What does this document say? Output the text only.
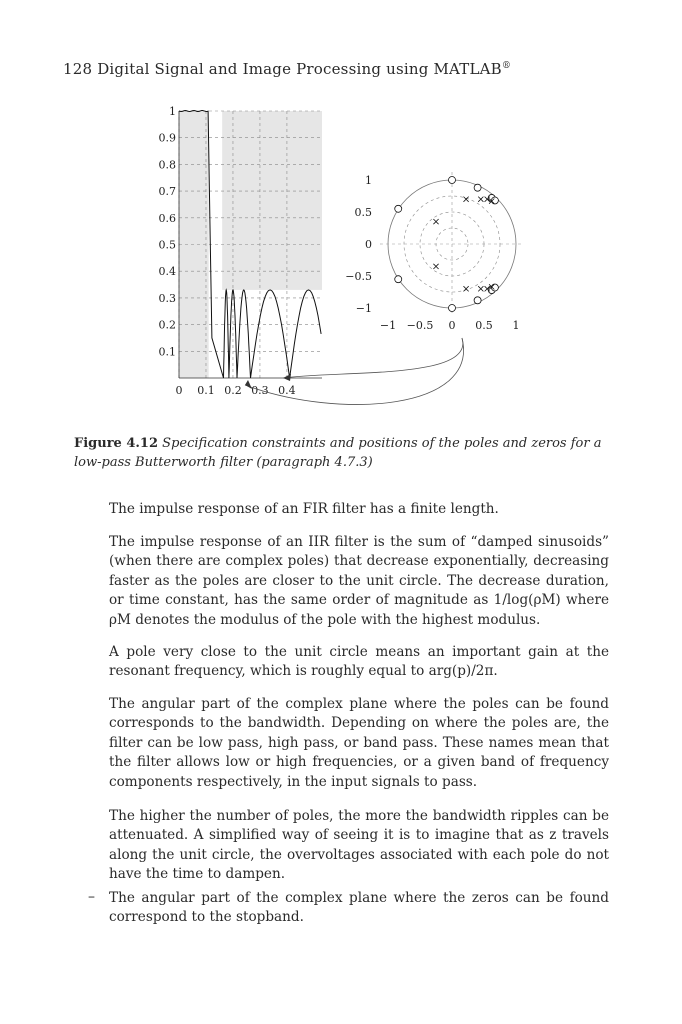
128 Digital Signal and Image Processing using MATLAB®
0.1
0.2
0.3
0.4
0.5
0.6
0.7
0.8
0.9
1
0 0.1 0.2 0.3 0.4
−1
−0.5
0
0.5
1
−1 −0.5 0 0.5 1
Figure 4.12 Specification constraints and positions of the poles and zeros for a low-pass Butterworth filter (paragraph 4.7.3)
The impulse response of an FIR filter has a finite length.
The impulse response of an IIR filter is the sum of “damped sinusoids” (when there are complex poles) that decrease exponentially, decreasing faster as the poles are closer to the unit circle. The decrease duration, or time constant, has the same order of magnitude as 1/log(ρM) where ρM denotes the modulus of the pole with the highest modulus.
A pole very close to the unit circle means an important gain at the resonant frequency, which is roughly equal to arg(p)/2π.
The angular part of the complex plane where the poles can be found corresponds to the bandwidth. Depending on where the poles are, the filter can be low pass, high pass, or band pass. These names mean that the filter allows low or high frequencies, or a given band of frequency components respectively, in the input signals to pass.
The higher the number of poles, the more the bandwidth ripples can be attenuated. A simplified way of seeing it is to imagine that as z travels along the unit circle, the overvoltages associated with each pole do not have the time to dampen.
– The angular part of the complex plane where the zeros can be found correspond to the stopband.
